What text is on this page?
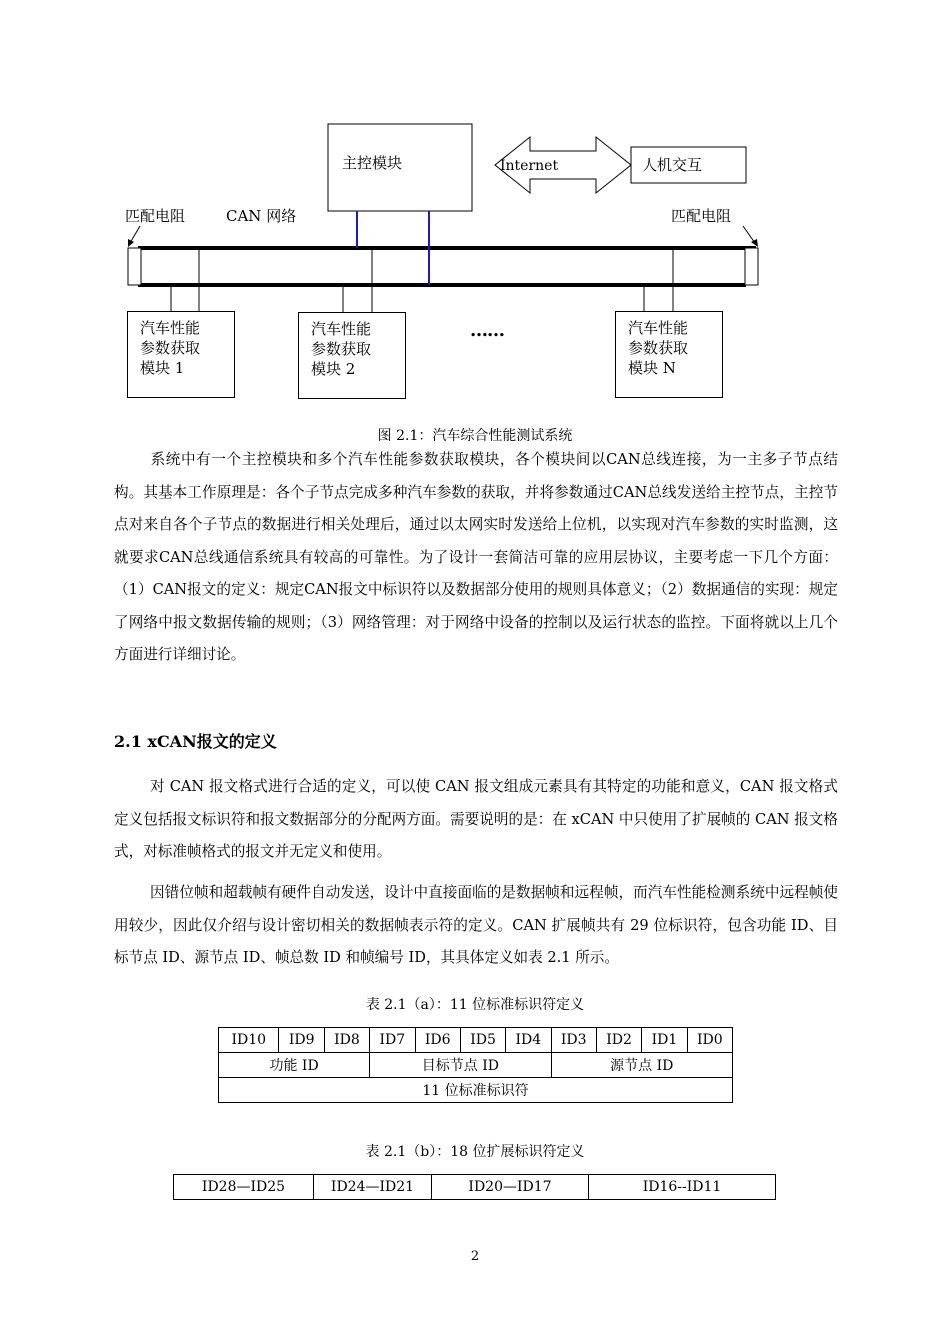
主控模块	Internet	人机交互
匹配电阻	CAN 网络	匹配电阻
汽车性能
参数获取
模块 1
汽车性能
参数获取
模块 2
汽车性能
参数获取
模块 N
……
图 2.1：汽车综合性能测试系统

系统中有一个主控模块和多个汽车性能参数获取模块，各个模块间以CAN总线连接，为一主多子节点结构。其基本工作原理是：各个子节点完成多种汽车参数的获取，并将参数通过CAN总线发送给主控节点，主控节点对来自各个子节点的数据进行相关处理后，通过以太网实时发送给上位机，以实现对汽车参数的实时监测，这就要求CAN总线通信系统具有较高的可靠性。为了设计一套简洁可靠的应用层协议，主要考虑一下几个方面：（1）CAN报文的定义：规定CAN报文中标识符以及数据部分使用的规则具体意义；（2）数据通信的实现：规定了网络中报文数据传输的规则；（3）网络管理：对于网络中设备的控制以及运行状态的监控。下面将就以上几个方面进行详细讨论。

2.1 xCAN报文的定义

对 CAN 报文格式进行合适的定义，可以使 CAN 报文组成元素具有其特定的功能和意义，CAN 报文格式定义包括报文标识符和报文数据部分的分配两方面。需要说明的是：在 xCAN 中只使用了扩展帧的 CAN 报文格式，对标准帧格式的报文并无定义和使用。

因错位帧和超载帧有硬件自动发送，设计中直接面临的是数据帧和远程帧，而汽车性能检测系统中远程帧使用较少，因此仅介绍与设计密切相关的数据帧表示符的定义。CAN 扩展帧共有 29 位标识符，包含功能 ID、目标节点 ID、源节点 ID、帧总数 ID 和帧编号 ID，其具体定义如表 2.1 所示。

表 2.1（a）：11 位标准标识符定义
ID10	ID9	ID8	ID7	ID6	ID5	ID4	ID3	ID2	ID1	ID0
功能 ID			目标节点 ID				源节点 ID			
11 位标准标识符										
表 2.1（b）：18 位扩展标识符定义
ID28—ID25	ID24—ID21	ID20—ID17	ID16--ID11
2
